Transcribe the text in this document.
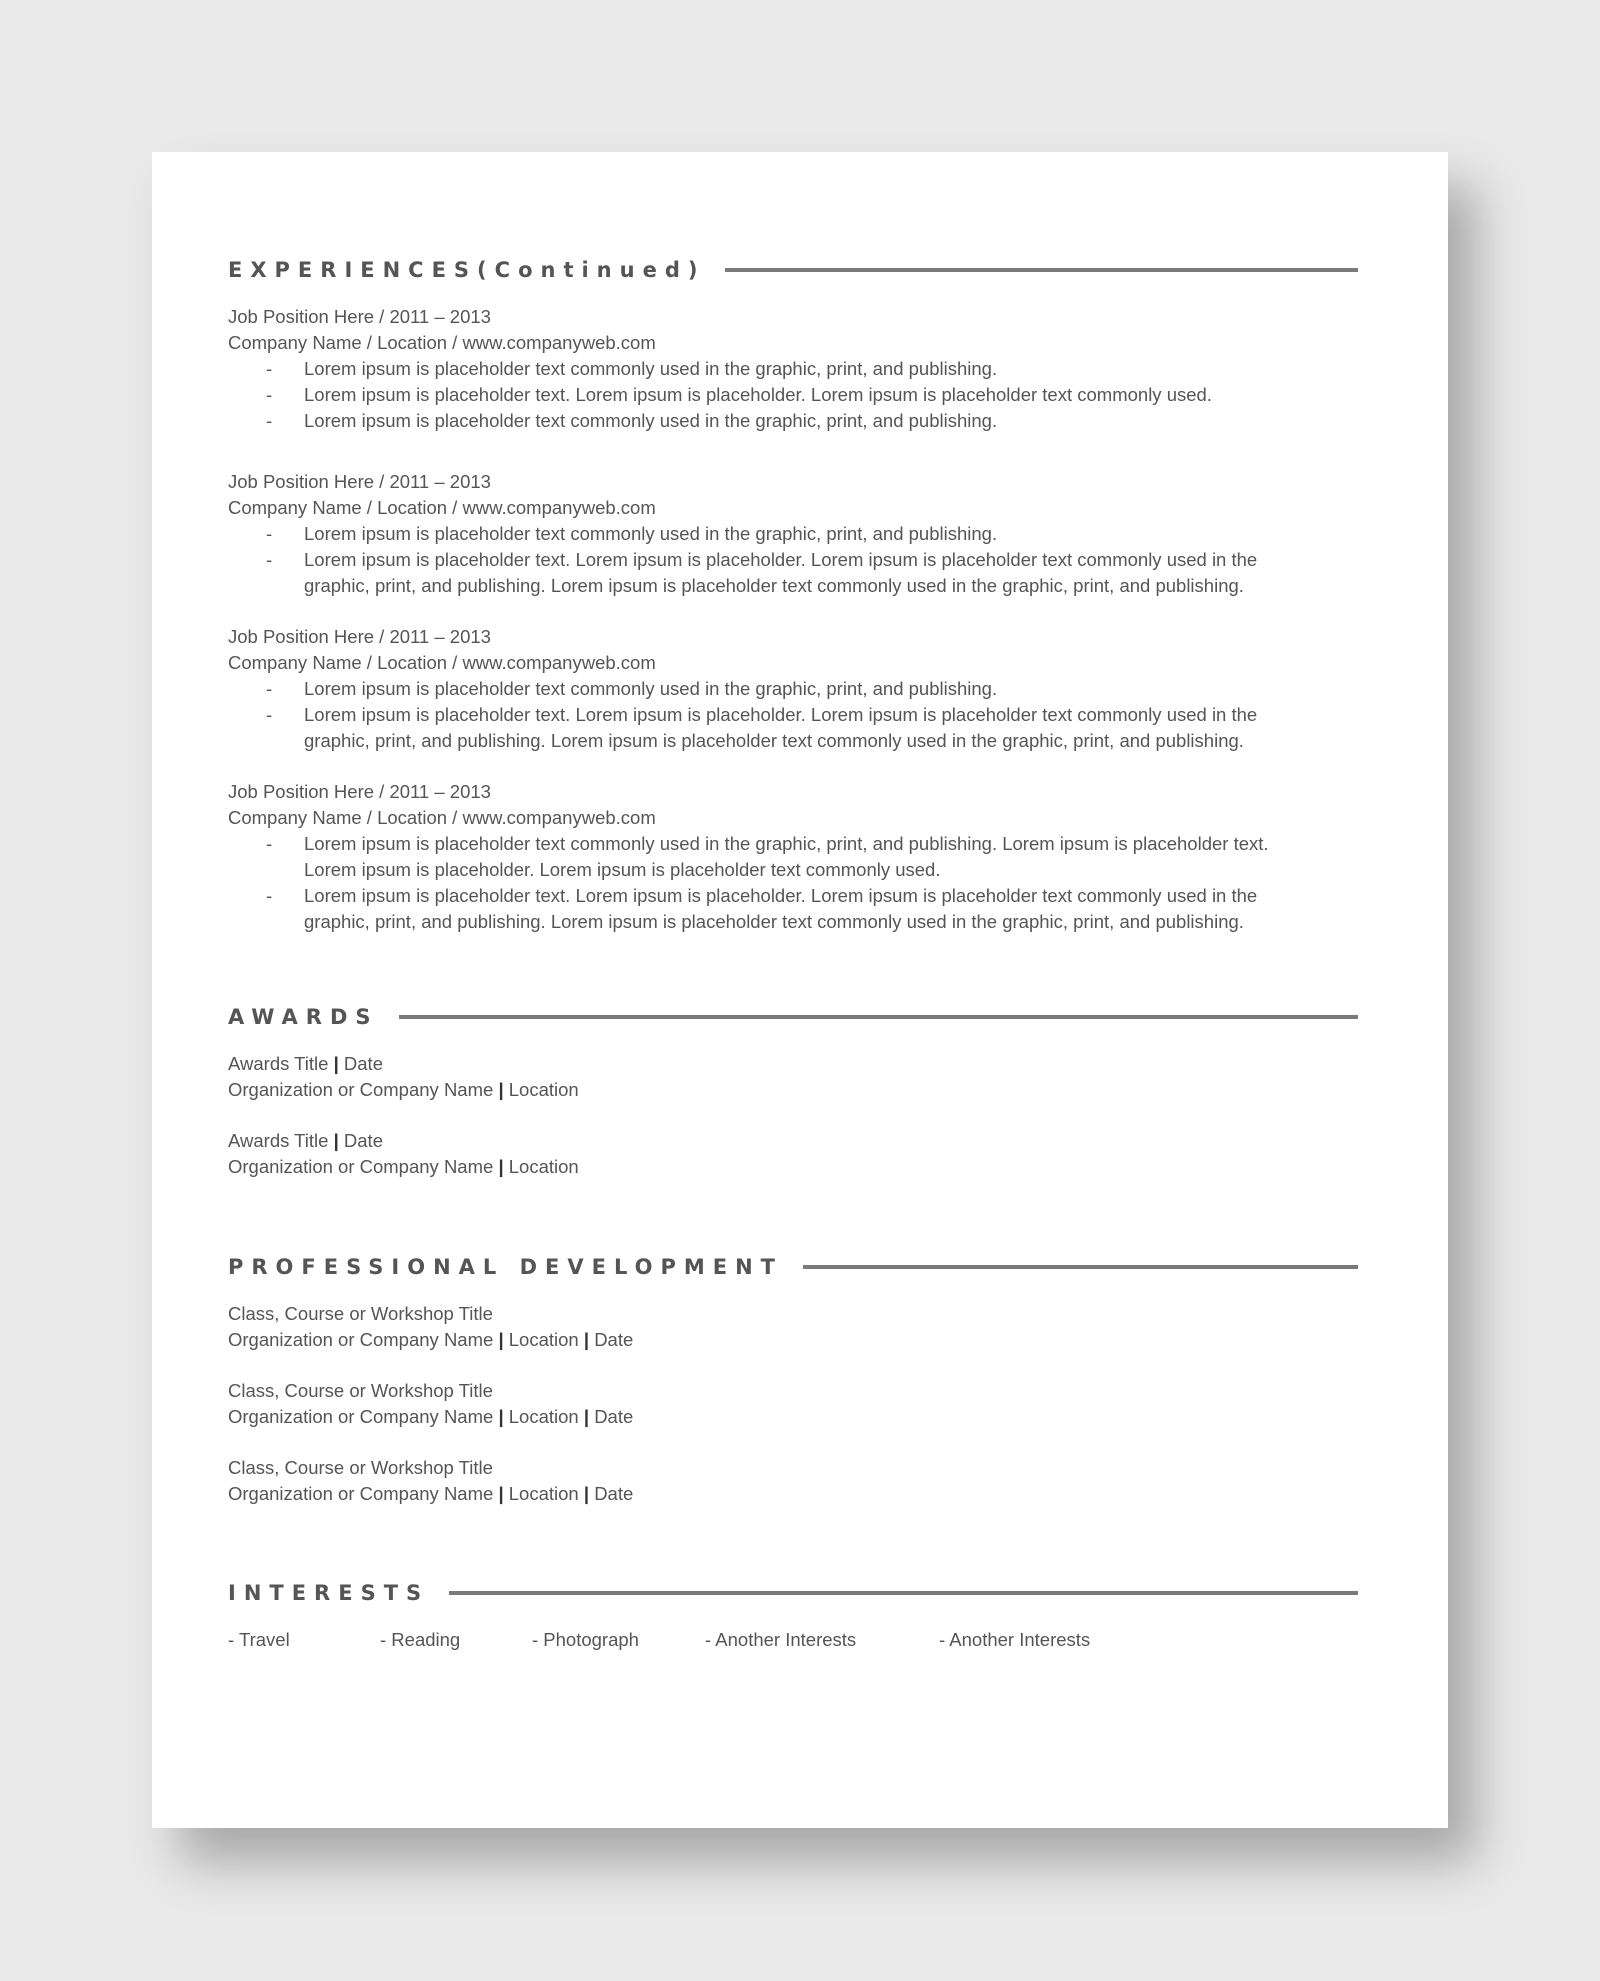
EXPERIENCES(Continued)
Job Position Here / 2011 – 2013
Company Name / Location / www.companyweb.com
- Lorem ipsum is placeholder text commonly used in the graphic, print, and publishing.
- Lorem ipsum is placeholder text. Lorem ipsum is placeholder. Lorem ipsum is placeholder text commonly used.
- Lorem ipsum is placeholder text commonly used in the graphic, print, and publishing.
Job Position Here / 2011 – 2013
Company Name / Location / www.companyweb.com
- Lorem ipsum is placeholder text commonly used in the graphic, print, and publishing.
- Lorem ipsum is placeholder text. Lorem ipsum is placeholder. Lorem ipsum is placeholder text commonly used in the graphic, print, and publishing. Lorem ipsum is placeholder text commonly used in the graphic, print, and publishing.
Job Position Here / 2011 – 2013
Company Name / Location / www.companyweb.com
- Lorem ipsum is placeholder text commonly used in the graphic, print, and publishing.
- Lorem ipsum is placeholder text. Lorem ipsum is placeholder. Lorem ipsum is placeholder text commonly used in the graphic, print, and publishing. Lorem ipsum is placeholder text commonly used in the graphic, print, and publishing.
Job Position Here / 2011 – 2013
Company Name / Location / www.companyweb.com
- Lorem ipsum is placeholder text commonly used in the graphic, print, and publishing. Lorem ipsum is placeholder text. Lorem ipsum is placeholder. Lorem ipsum is placeholder text commonly used.
- Lorem ipsum is placeholder text. Lorem ipsum is placeholder. Lorem ipsum is placeholder text commonly used in the graphic, print, and publishing. Lorem ipsum is placeholder text commonly used in the graphic, print, and publishing.
AWARDS
Awards Title | Date
Organization or Company Name | Location
Awards Title | Date
Organization or Company Name | Location
PROFESSIONAL DEVELOPMENT
Class, Course or Workshop Title
Organization or Company Name | Location | Date
Class, Course or Workshop Title
Organization or Company Name | Location | Date
Class, Course or Workshop Title
Organization or Company Name | Location | Date
INTERESTS
- Travel	- Reading	- Photograph	- Another Interests	- Another Interests
